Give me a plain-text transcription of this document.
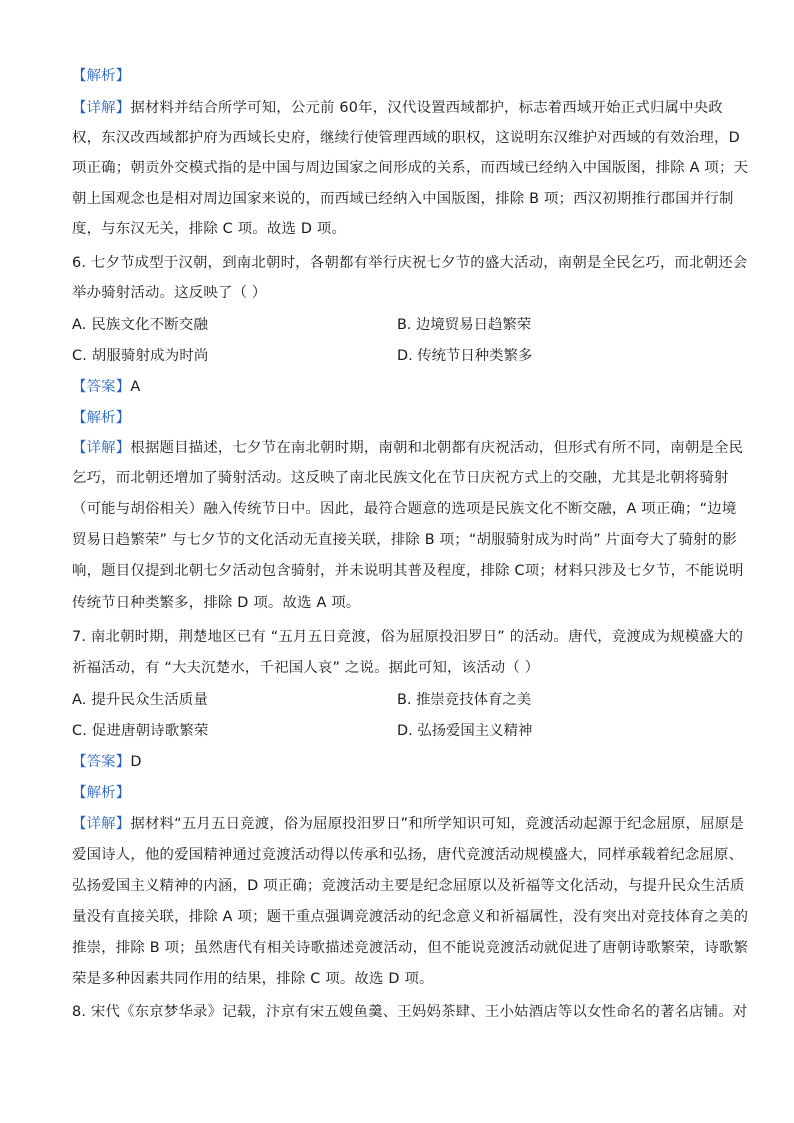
【解析】
【详解】据材料并结合所学可知，公元前 60年，汉代设置西域都护，标志着西域开始正式归属中央政
权，东汉改西域都护府为西域长史府，继续行使管理西域的职权，这说明东汉维护对西域的有效治理，D
项正确；朝贡外交模式指的是中国与周边国家之间形成的关系，而西域已经纳入中国版图，排除 A 项；天
朝上国观念也是相对周边国家来说的，而西域已经纳入中国版图，排除 B 项；西汉初期推行郡国并行制
度，与东汉无关，排除 C 项。故选 D 项。
6. 七夕节成型于汉朝，到南北朝时，各朝都有举行庆祝七夕节的盛大活动，南朝是全民乞巧，而北朝还会
举办骑射活动。这反映了（ ）
A. 民族文化不断交融	B. 边境贸易日趋繁荣
C. 胡服骑射成为时尚	D. 传统节日种类繁多
【答案】A
【解析】
【详解】根据题目描述，七夕节在南北朝时期，南朝和北朝都有庆祝活动，但形式有所不同，南朝是全民
乞巧，而北朝还增加了骑射活动。这反映了南北民族文化在节日庆祝方式上的交融，尤其是北朝将骑射
（可能与胡俗相关）融入传统节日中。因此，最符合题意的选项是民族文化不断交融，A 项正确；“边境
贸易日趋繁荣” 与七夕节的文化活动无直接关联，排除 B 项；“胡服骑射成为时尚” 片面夸大了骑射的影
响，题目仅提到北朝七夕活动包含骑射，并未说明其普及程度，排除 C项；材料只涉及七夕节，不能说明
传统节日种类繁多，排除 D 项。故选 A 项。
7. 南北朝时期，荆楚地区已有 “五月五日竞渡，俗为屈原投汨罗日” 的活动。唐代，竞渡成为规模盛大的
祈福活动，有 “大夫沉楚水，千祀国人哀” 之说。据此可知，该活动（ ）
A. 提升民众生活质量	B. 推崇竞技体育之美
C. 促进唐朝诗歌繁荣	D. 弘扬爱国主义精神
【答案】D
【解析】
【详解】据材料“五月五日竞渡，俗为屈原投汨罗日”和所学知识可知，竞渡活动起源于纪念屈原，屈原是
爱国诗人，他的爱国精神通过竞渡活动得以传承和弘扬，唐代竞渡活动规模盛大，同样承载着纪念屈原、
弘扬爱国主义精神的内涵，D 项正确；竞渡活动主要是纪念屈原以及祈福等文化活动，与提升民众生活质
量没有直接关联，排除 A 项；题干重点强调竞渡活动的纪念意义和祈福属性，没有突出对竞技体育之美的
推崇，排除 B 项；虽然唐代有相关诗歌描述竞渡活动，但不能说竞渡活动就促进了唐朝诗歌繁荣，诗歌繁
荣是多种因素共同作用的结果，排除 C 项。故选 D 项。
8. 宋代《东京梦华录》记载，汴京有宋五嫂鱼羹、王妈妈茶肆、王小姑酒店等以女性命名的著名店铺。对
